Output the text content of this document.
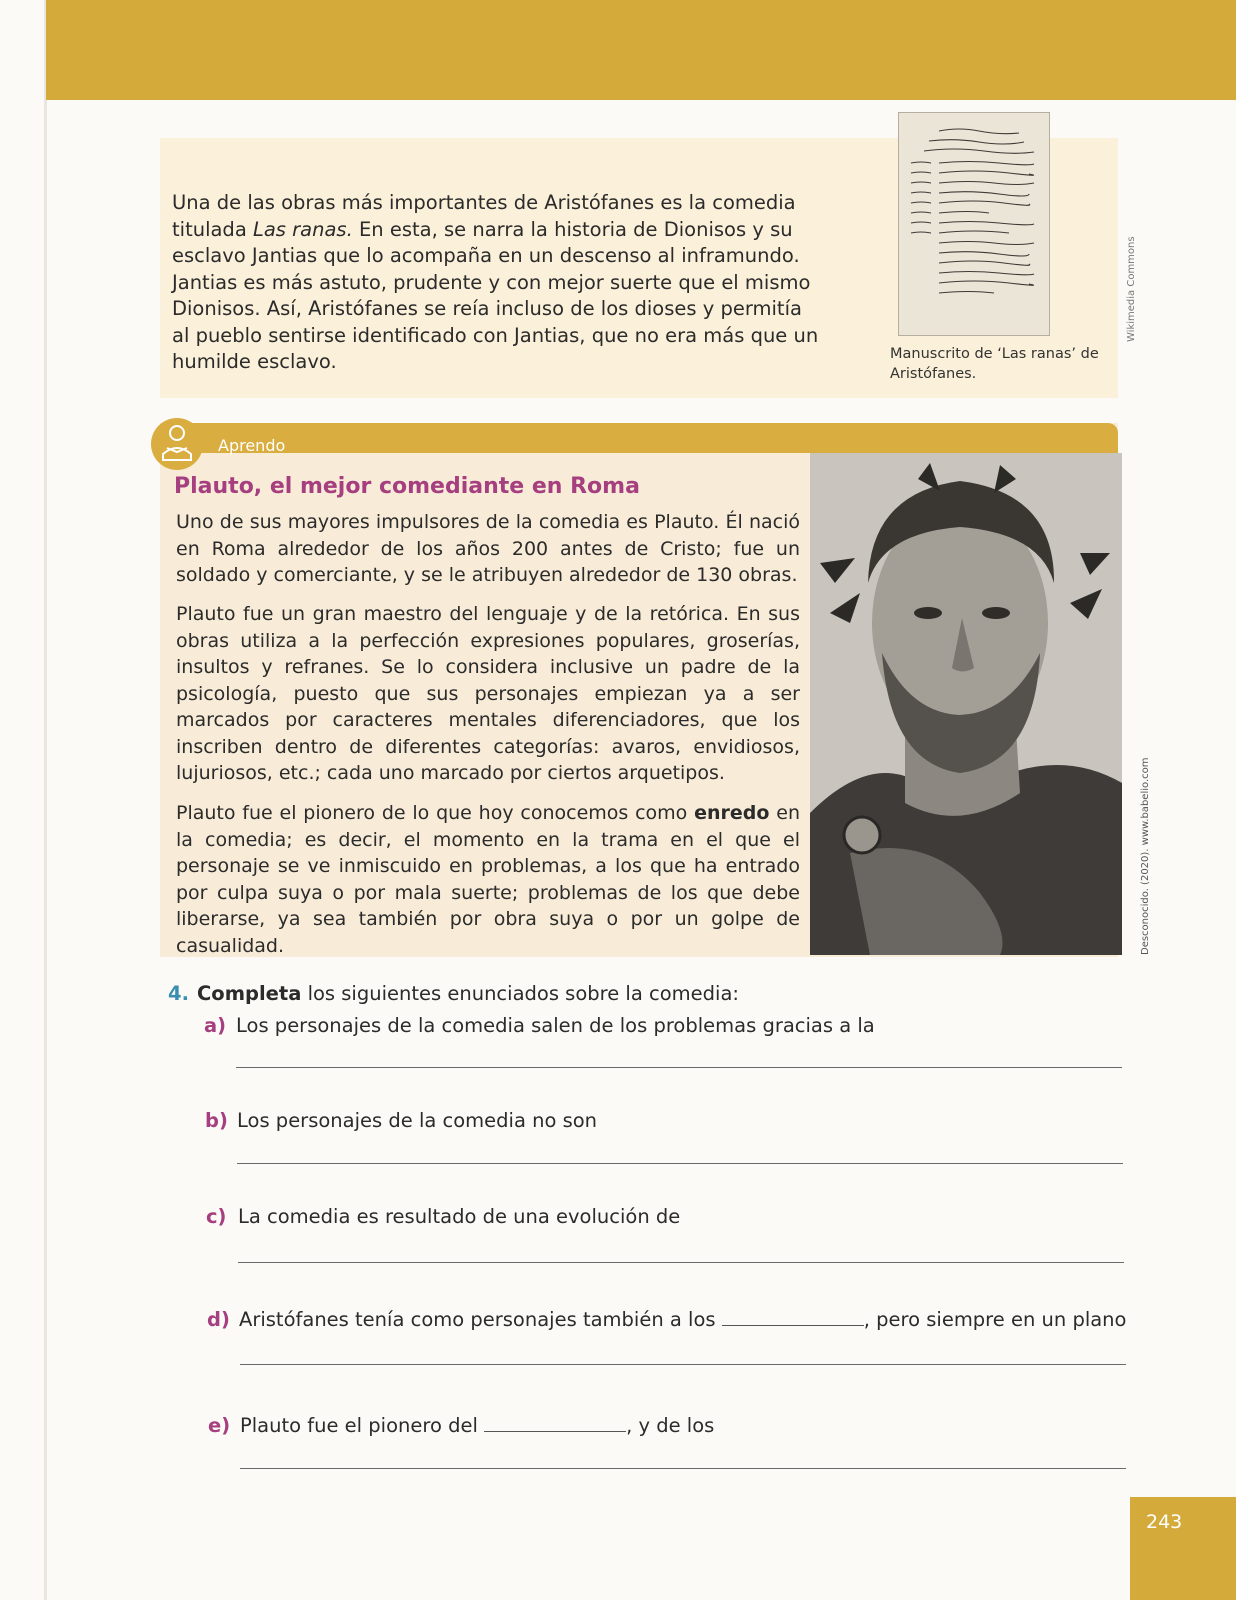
Una de las obras más importantes de Aristófanes es la comedia titulada Las ranas. En esta, se narra la historia de Dionisos y su esclavo Jantias que lo acompaña en un descenso al inframundo. Jantias es más astuto, prudente y con mejor suerte que el mismo Dionisos. Así, Aristófanes se reía incluso de los dioses y permitía al pueblo sentirse identificado con Jantias, que no era más que un humilde esclavo.	Manuscrito de ‘Las ranas’ de Aristófanes.
Wikimedia Commons
Aprendo
Plauto, el mejor comediante en Roma
Uno de sus mayores impulsores de la comedia es Plauto. Él nació en Roma alrededor de los años 200 antes de Cristo; fue un soldado y comerciante, y se le atribuyen alrededor de 130 obras.
Plauto fue un gran maestro del lenguaje y de la retórica. En sus obras utiliza a la perfección expresiones populares, groserías, insultos y refranes. Se lo considera inclusive un padre de la psicología, puesto que sus personajes empiezan ya a ser marcados por caracteres mentales diferenciadores, que los inscriben dentro de diferentes categorías: avaros, envidiosos, lujuriosos, etc.; cada uno marcado por ciertos arquetipos.
Plauto fue el pionero de lo que hoy conocemos como enredo en la comedia; es decir, el momento en la trama en el que el personaje se ve inmiscuido en problemas, a los que ha entrado por culpa suya o por mala suerte; problemas de los que debe liberarse, ya sea también por obra suya o por un golpe de casualidad.	Desconocido. (2020). www.babelio.com
4. Completa los siguientes enunciados sobre la comedia:
a) Los personajes de la comedia salen de los problemas gracias a la
b) Los personajes de la comedia no son
c) La comedia es resultado de una evolución de
d) Aristófanes tenía como personajes también a los	, pero siempre en un plano
e) Plauto fue el pionero del	, y de los
243
